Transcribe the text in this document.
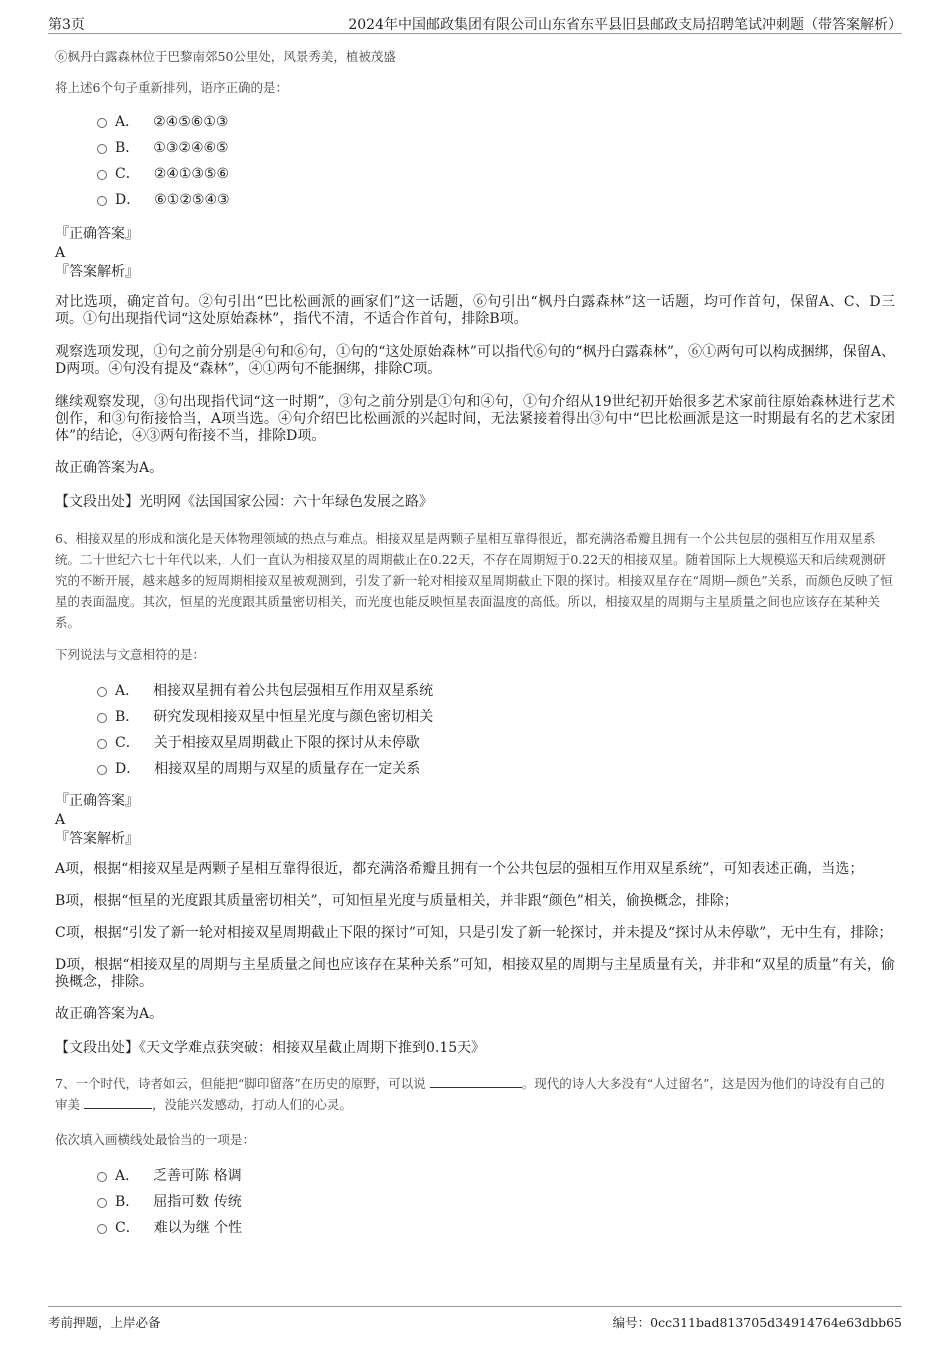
第3页	2024年中国邮政集团有限公司山东省东平县旧县邮政支局招聘笔试冲刺题（带答案解析）

⑥枫丹白露森林位于巴黎南郊50公里处，风景秀美，植被茂盛

将上述6个句子重新排列，语序正确的是：

A． ②④⑤⑥①③
B． ①③②④⑥⑤
C． ②④①③⑤⑥
D． ⑥①②⑤④③

『正确答案』

A

『答案解析』

对比选项，确定首句。②句引出“巴比松画派的画家们”这一话题，⑥句引出“枫丹白露森林”这一话题，均可作首句，保留A、C、D三项。①句出现指代词“这处原始森林”，指代不清，不适合作首句，排除B项。

观察选项发现，①句之前分别是④句和⑥句，①句的“这处原始森林”可以指代⑥句的“枫丹白露森林”，⑥①两句可以构成捆绑，保留A、D两项。④句没有提及“森林”，④①两句不能捆绑，排除C项。

继续观察发现，③句出现指代词“这一时期”，③句之前分别是①句和④句，①句介绍从19世纪初开始很多艺术家前往原始森林进行艺术创作，和③句衔接恰当，A项当选。④句介绍巴比松画派的兴起时间，无法紧接着得出③句中“巴比松画派是这一时期最有名的艺术家团体”的结论，④③两句衔接不当，排除D项。

故正确答案为A。

【文段出处】光明网《法国国家公园：六十年绿色发展之路》

6、相接双星的形成和演化是天体物理领域的热点与难点。相接双星是两颗子星相互靠得很近，都充满洛希瓣且拥有一个公共包层的强相互作用双星系统。二十世纪六七十年代以来，人们一直认为相接双星的周期截止在0.22天，不存在周期短于0.22天的相接双星。随着国际上大规模巡天和后续观测研究的不断开展，越来越多的短周期相接双星被观测到，引发了新一轮对相接双星周期截止下限的探讨。相接双星存在“周期—颜色”关系，而颜色反映了恒星的表面温度。其次，恒星的光度跟其质量密切相关，而光度也能反映恒星表面温度的高低。所以，相接双星的周期与主星质量之间也应该存在某种关系。

下列说法与文意相符的是：

A． 相接双星拥有着公共包层强相互作用双星系统
B． 研究发现相接双星中恒星光度与颜色密切相关
C． 关于相接双星周期截止下限的探讨从未停歇
D． 相接双星的周期与双星的质量存在一定关系

『正确答案』

A

『答案解析』

A项，根据“相接双星是两颗子星相互靠得很近，都充满洛希瓣且拥有一个公共包层的强相互作用双星系统”，可知表述正确，当选；

B项，根据“恒星的光度跟其质量密切相关”，可知恒星光度与质量相关，并非跟“颜色”相关，偷换概念，排除；

C项，根据“引发了新一轮对相接双星周期截止下限的探讨”可知，只是引发了新一轮探讨，并未提及“探讨从未停歇”，无中生有，排除；

D项，根据“相接双星的周期与主星质量之间也应该存在某种关系”可知，相接双星的周期与主星质量有关，并非和“双星的质量”有关，偷换概念，排除。

故正确答案为A。

【文段出处】《天文学难点获突破：相接双星截止周期下推到0.15天》

7、一个时代，诗者如云，但能把“脚印留落”在历史的原野，可以说	。现代的诗人大多没有“人过留名”，这是因为他们的诗没有自己的审美	，没能兴发感动，打动人们的心灵。

依次填入画横线处最恰当的一项是：

A． 乏善可陈 格调
B． 屈指可数 传统
C． 难以为继 个性
考前押题，上岸必备	编号：0cc311bad813705d34914764e63dbb65
